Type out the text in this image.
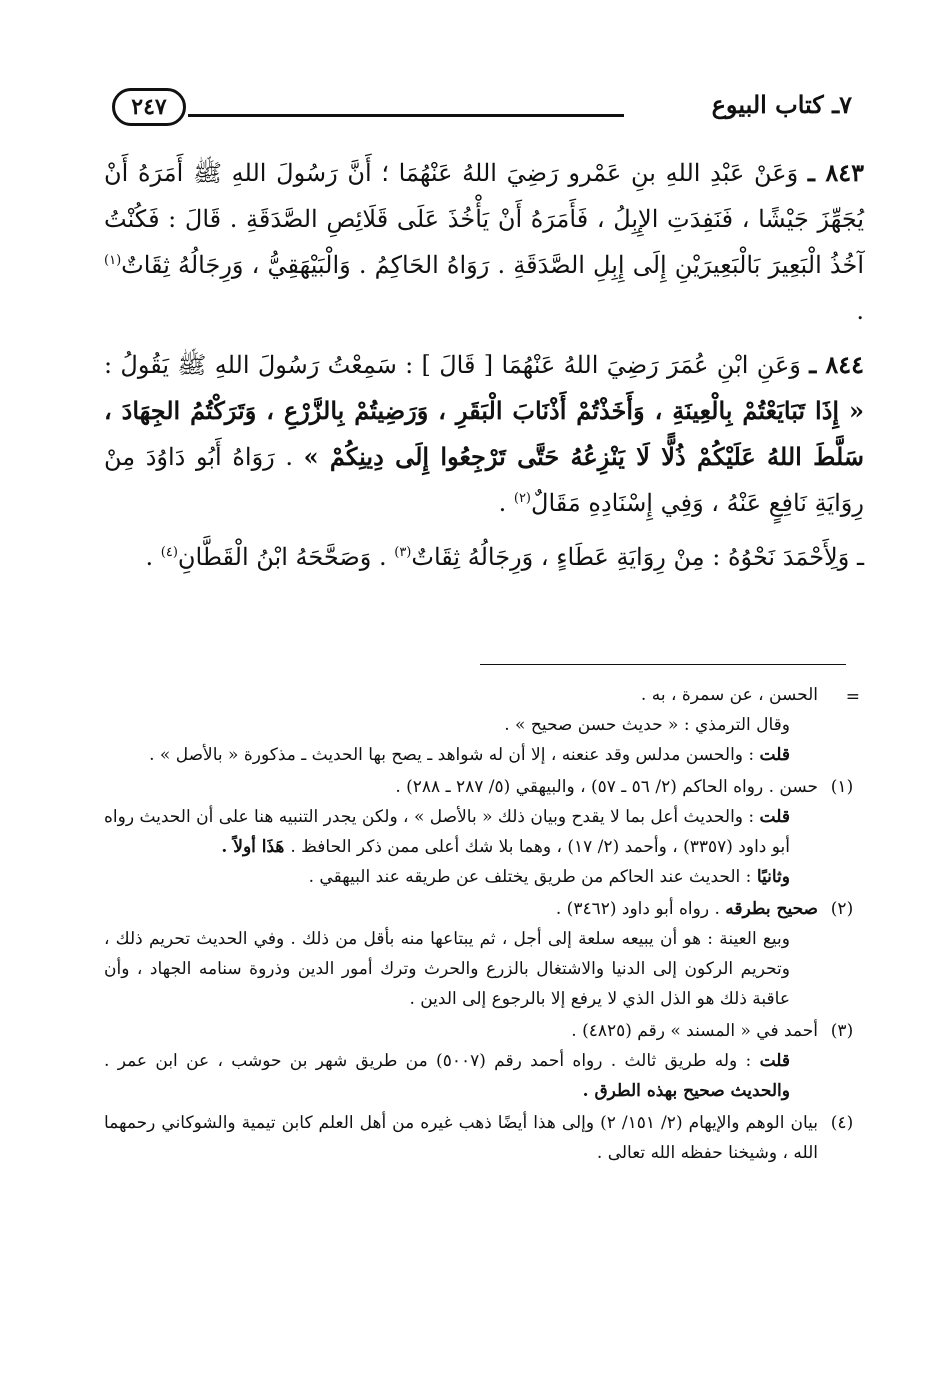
٧ـ كتاب البيوع
٢٤٧

٨٤٣ ـ وَعَنْ عَبْدِ اللهِ بنِ عَمْرو رَضِيَ اللهُ عَنْهُمَا ؛ أَنَّ رَسُولَ اللهِ ﷺ أَمَرَهُ أَنْ يُجَهِّزَ جَيْشًا ، فَنَفِدَتِ الإِبِلُ ، فَأَمَرَهُ أَنْ يَأْخُذَ عَلَى قَلَائِصِ الصَّدَقَةِ . قَالَ : فَكُنْتُ آخُذُ الْبَعِيرَ بَالْبَعِيرَيْنِ إِلَى إِبِلِ الصَّدَقَةِ . رَوَاهُ الحَاكِمُ . وَالْبَيْهَقِيُّ ، وَرِجَالُهُ ثِقَاتٌ$^{(١)}$ .

٨٤٤ ـ وَعَنِ ابْنِ عُمَرَ رَضِيَ اللهُ عَنْهُمَا [ قَالَ ] : سَمِعْتُ رَسُولَ اللهِ ﷺ يَقُولُ : « إِذَا تَبَايَعْتُمْ بِالْعِينَةِ ، وَأَخَذْتُمْ أَذْنَابَ الْبَقَرِ ، وَرَضِيتُمْ بِالزَّرْعِ ، وَتَرَكْتُمُ الجِهَادَ ، سَلَّطَ اللهُ عَلَيْكُمْ ذُلًّا لَا يَنْزِعُهُ حَتَّى تَرْجِعُوا إِلَى دِينِكُمْ » . رَوَاهُ أَبُو دَاوُدَ مِنْ رِوَايَةِ نَافِعٍ عَنْهُ ، وَفِي إِسْنَادِهِ مَقَالٌ$^{(٢)}$ .

ـ وَلِأَحْمَدَ نَحْوُهُ : مِنْ رِوَايَةِ عَطَاءٍ ، وَرِجَالُهُ ثِقَاتٌ$^{(٣)}$ . وَصَحَّحَهُ ابْنُ الْقَطَّانِ$^{(٤)}$ .

=
الحسن ، عن سمرة ، به .
وقال الترمذي : « حديث حسن صحيح » .
قلت : والحسن مدلس وقد عنعنه ، إلا أن له شواهد ـ يصح بها الحديث ـ مذكورة « بالأصل » .
(١)
حسن . رواه الحاكم (٢/ ٥٦ ـ ٥٧) ، والبيهقي (٥/ ٢٨٧ ـ ٢٨٨) .
قلت : والحديث أعل بما لا يقدح وبيان ذلك « بالأصل » ، ولكن يجدر التنبيه هنا على أن الحديث رواه أبو داود (٣٣٥٧) ، وأحمد (٢/ ١٧) ، وهما بلا شك أعلى ممن ذكر الحافظ . هَذَا أولاً .
وثانيًا : الحديث عند الحاكم من طريق يختلف عن طريقه عند البيهقي .
(٢)
صحيح بطرقه . رواه أبو داود (٣٤٦٢) .
وبيع العينة : هو أن يبيعه سلعة إلى أجل ، ثم يبتاعها منه بأقل من ذلك . وفي الحديث تحريم ذلك ، وتحريم الركون إلى الدنيا والاشتغال بالزرع والحرث وترك أمور الدين وذروة سنامه الجهاد ، وأن عاقبة ذلك هو الذل الذي لا يرفع إلا بالرجوع إلى الدين .
(٣)
أحمد في « المسند » رقم (٤٨٢٥) .
قلت : وله طريق ثالث . رواه أحمد رقم (٥٠٠٧) من طريق شهر بن حوشب ، عن ابن عمر . والحديث صحيح بهذه الطرق .
(٤)
بيان الوهم والإيهام (٢/ ١٥١/ ٢) وإلى هذا أيضًا ذهب غيره من أهل العلم كابن تيمية والشوكاني رحمهما الله ، وشيخنا حفظه الله تعالى .
